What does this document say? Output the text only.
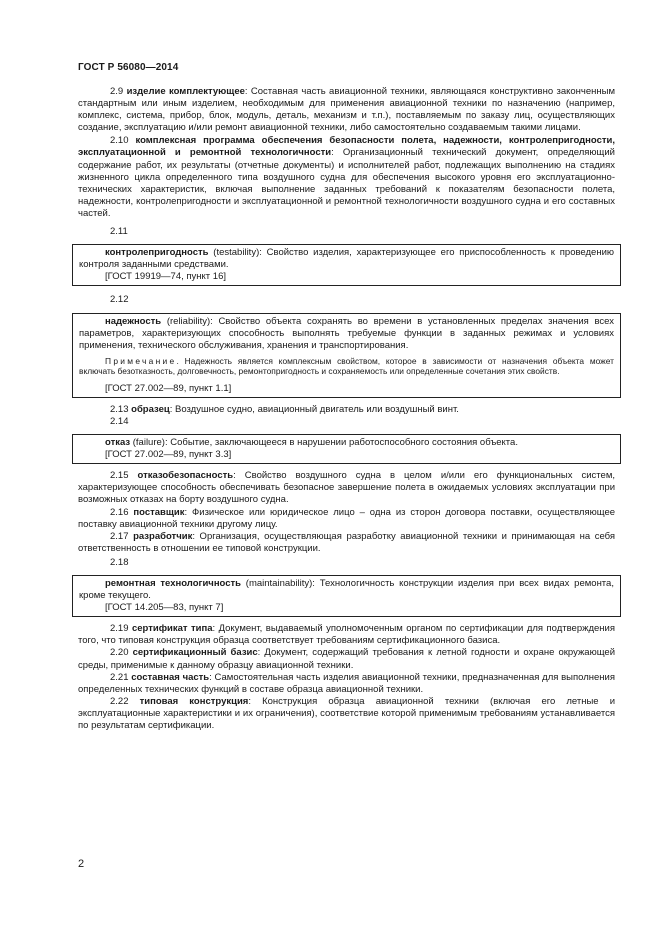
ГОСТ Р 56080—2014

2.9 изделие комплектующее: Составная часть авиационной техники, являющаяся конструктивно законченным стандартным или иным изделием, необходимым для применения авиационной техники по назначению (например, комплекс, система, прибор, блок, модуль, деталь, механизм и т.п.), поставляемым по заказу лиц, осуществляющих создание, эксплуатацию и/или ремонт авиационной техники, либо самостоятельно создаваемым такими лицами.

2.10 комплексная программа обеспечения безопасности полета, надежности, контролепригодности, эксплуатационной и ремонтной технологичности: Организационный технический документ, определяющий содержание работ, их результаты (отчетные документы) и исполнителей работ, подлежащих выполнению на стадиях жизненного цикла определенного типа воздушного судна для обеспечения высокого уровня его эксплуатационно-технических характеристик, включая выполнение заданных требований к показателям безопасности полета, надежности, контролепригодности и эксплуатационной и ремонтной технологичности воздушного судна и его составных частей.

2.11

контролепригодность (testability): Свойство изделия, характеризующее его приспособленность к проведению контроля заданными средствами.

[ГОСТ 19919—74, пункт 16]

2.12

надежность (reliability): Свойство объекта сохранять во времени в установленных пределах значения всех параметров, характеризующих способность выполнять требуемые функции в заданных режимах и условиях применения, технического обслуживания, хранения и транспортирования.

Примечание. Надежность является комплексным свойством, которое в зависимости от назначения объекта может включать безотказность, долговечность, ремонтопригодность и сохраняемость или определенные сочетания этих свойств.

[ГОСТ 27.002—89, пункт 1.1]

2.13 образец: Воздушное судно, авиационный двигатель или воздушный винт.

2.14

отказ (failure): Событие, заключающееся в нарушении работоспособного состояния объекта.

[ГОСТ 27.002—89, пункт 3.3]

2.15 отказобезопасность: Свойство воздушного судна в целом и/или его функциональных систем, характеризующее способность обеспечивать безопасное завершение полета в ожидаемых условиях эксплуатации при возможных отказах на борту воздушного судна.

2.16 поставщик: Физическое или юридическое лицо – одна из сторон договора поставки, осуществляющее поставку авиационной техники другому лицу.

2.17 разработчик: Организация, осуществляющая разработку авиационной техники и принимающая на себя ответственность в отношении ее типовой конструкции.

2.18

ремонтная технологичность (maintainability): Технологичность конструкции изделия при всех видах ремонта, кроме текущего.

[ГОСТ 14.205—83, пункт 7]

2.19 сертификат типа: Документ, выдаваемый уполномоченным органом по сертификации для подтверждения того, что типовая конструкция образца соответствует требованиям сертификационного базиса.

2.20 сертификационный базис: Документ, содержащий требования к летной годности и охране окружающей среды, применимые к данному образцу авиационной техники.

2.21 составная часть: Самостоятельная часть изделия авиационной техники, предназначенная для выполнения определенных технических функций в составе образца авиационной техники.

2.22 типовая конструкция: Конструкция образца авиационной техники (включая его летные и эксплуатационные характеристики и их ограничения), соответствие которой применимым требованиям устанавливается по результатам сертификации.

2
